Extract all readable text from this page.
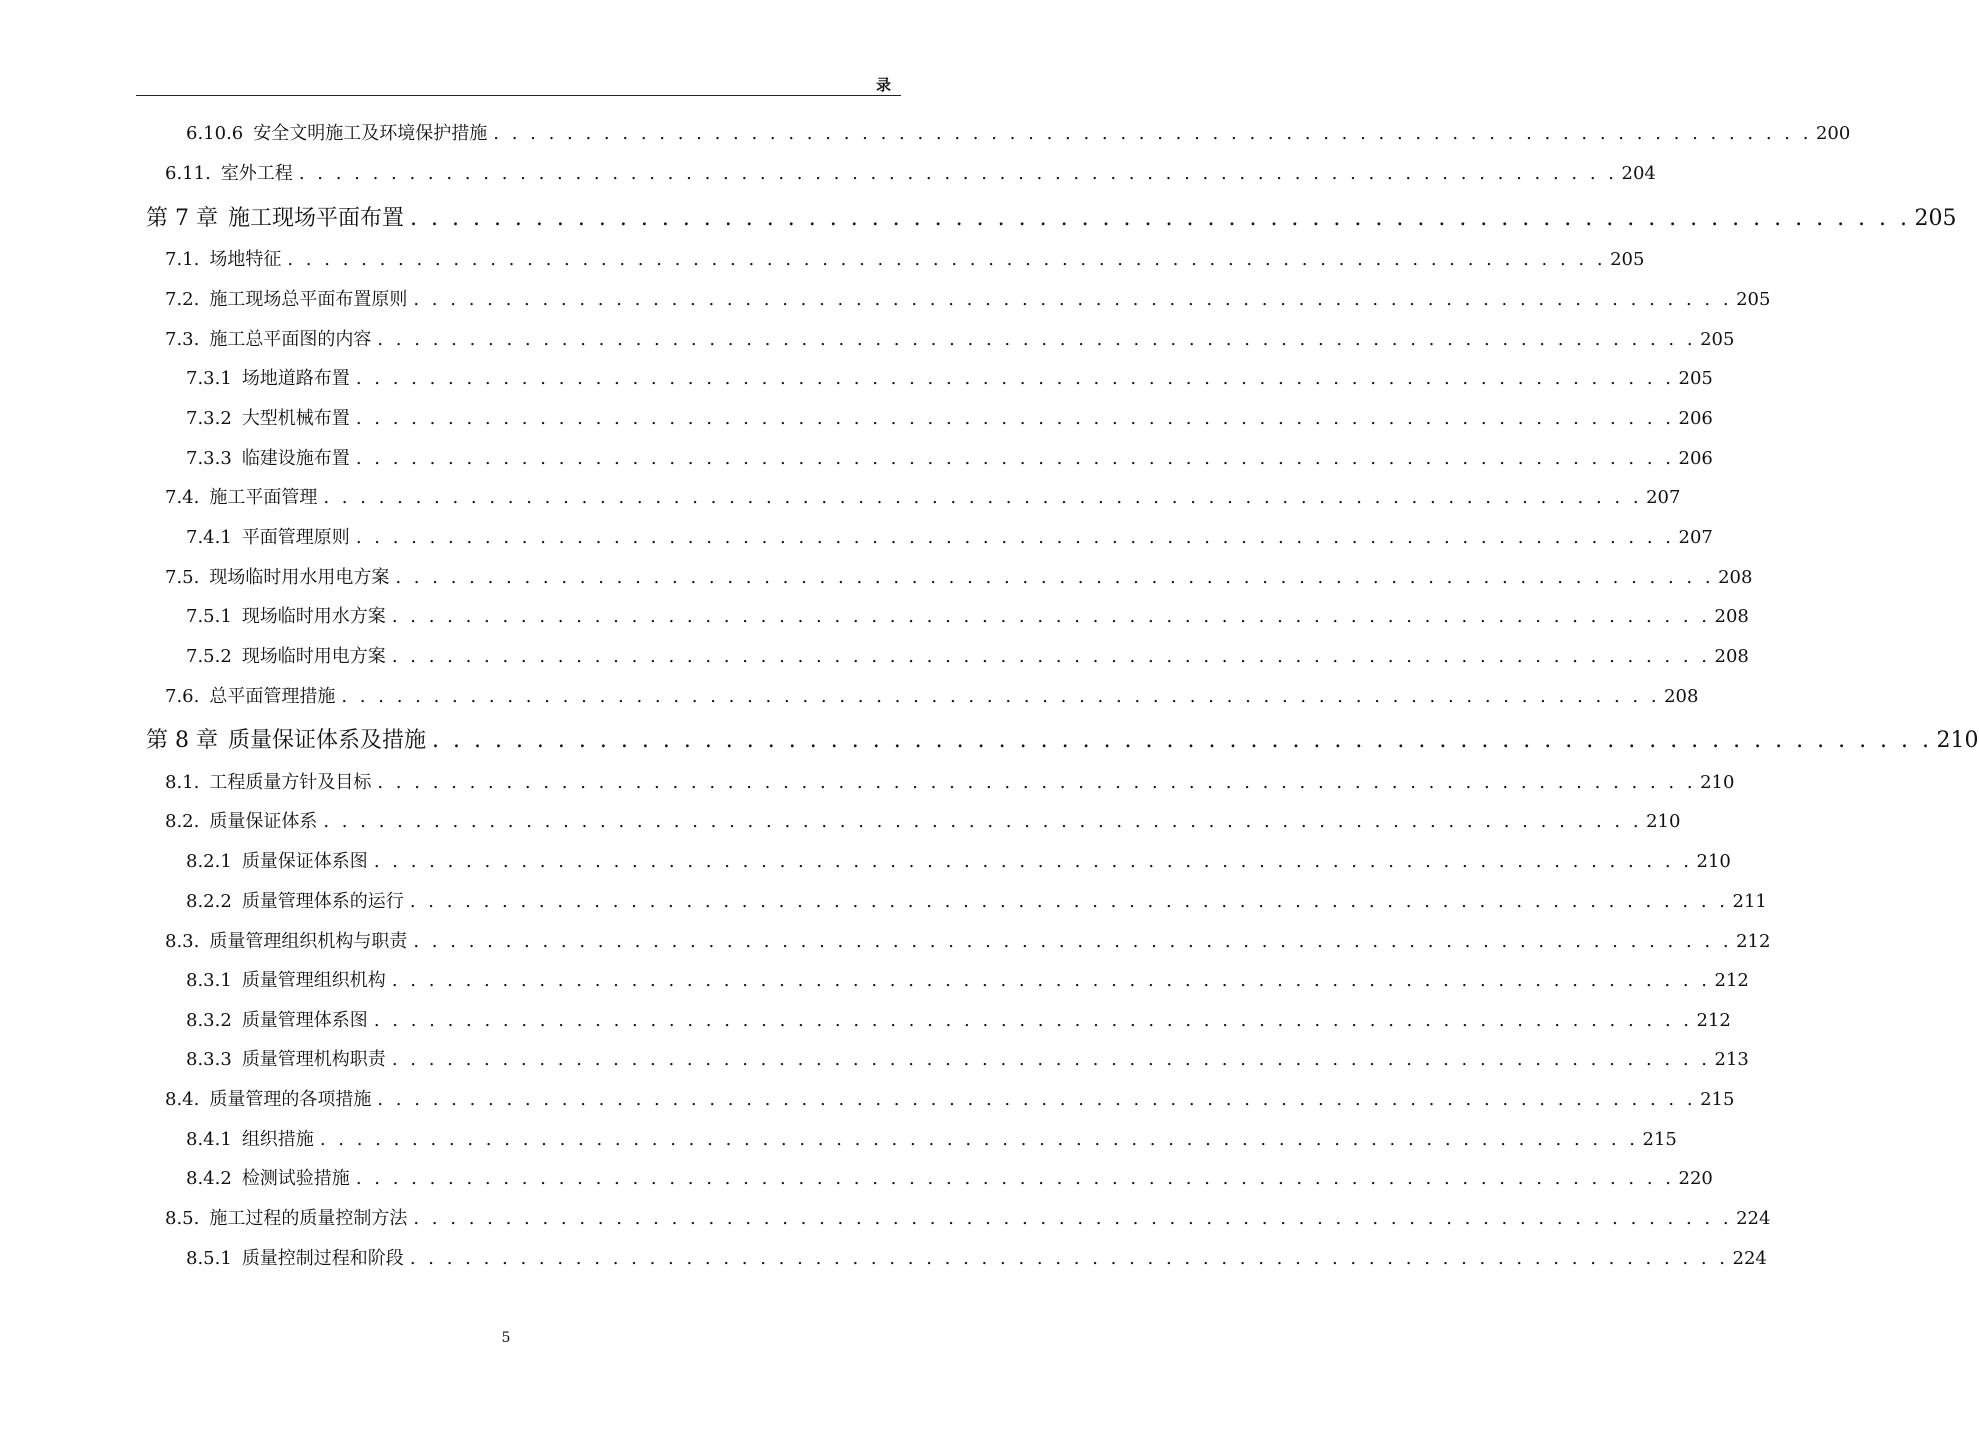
录
6.10.6 安全文明施工及环境保护措施 . . . . . . . . . . . . . . . . . . . . . . . . . . . . . . . . . . . . . . . . . . . . . . . . . . . . . . . . . . . . . . . . . . . . . . . . 200
6.11. 室外工程 . . . . . . . . . . . . . . . . . . . . . . . . . . . . . . . . . . . . . . . . . . . . . . . . . . . . . . . . . . . . . . . . . . . . . . . . 204
第 7 章 施工现场平面布置 . . . . . . . . . . . . . . . . . . . . . . . . . . . . . . . . . . . . . . . . . . . . . . . . . . . . . . . . . . . . . . . . . . . . . . . . 205
7.1. 场地特征 . . . . . . . . . . . . . . . . . . . . . . . . . . . . . . . . . . . . . . . . . . . . . . . . . . . . . . . . . . . . . . . . . . . . . . . . 205
7.2. 施工现场总平面布置原则 . . . . . . . . . . . . . . . . . . . . . . . . . . . . . . . . . . . . . . . . . . . . . . . . . . . . . . . . . . . . . . . . . . . . . . . . 205
7.3. 施工总平面图的内容 . . . . . . . . . . . . . . . . . . . . . . . . . . . . . . . . . . . . . . . . . . . . . . . . . . . . . . . . . . . . . . . . . . . . . . . . 205
7.3.1 场地道路布置 . . . . . . . . . . . . . . . . . . . . . . . . . . . . . . . . . . . . . . . . . . . . . . . . . . . . . . . . . . . . . . . . . . . . . . . . 205
7.3.2 大型机械布置 . . . . . . . . . . . . . . . . . . . . . . . . . . . . . . . . . . . . . . . . . . . . . . . . . . . . . . . . . . . . . . . . . . . . . . . . 206
7.3.3 临建设施布置 . . . . . . . . . . . . . . . . . . . . . . . . . . . . . . . . . . . . . . . . . . . . . . . . . . . . . . . . . . . . . . . . . . . . . . . . 206
7.4. 施工平面管理 . . . . . . . . . . . . . . . . . . . . . . . . . . . . . . . . . . . . . . . . . . . . . . . . . . . . . . . . . . . . . . . . . . . . . . . . 207
7.4.1 平面管理原则 . . . . . . . . . . . . . . . . . . . . . . . . . . . . . . . . . . . . . . . . . . . . . . . . . . . . . . . . . . . . . . . . . . . . . . . . 207
7.5. 现场临时用水用电方案 . . . . . . . . . . . . . . . . . . . . . . . . . . . . . . . . . . . . . . . . . . . . . . . . . . . . . . . . . . . . . . . . . . . . . . . . 208
7.5.1 现场临时用水方案 . . . . . . . . . . . . . . . . . . . . . . . . . . . . . . . . . . . . . . . . . . . . . . . . . . . . . . . . . . . . . . . . . . . . . . . . 208
7.5.2 现场临时用电方案 . . . . . . . . . . . . . . . . . . . . . . . . . . . . . . . . . . . . . . . . . . . . . . . . . . . . . . . . . . . . . . . . . . . . . . . . 208
7.6. 总平面管理措施 . . . . . . . . . . . . . . . . . . . . . . . . . . . . . . . . . . . . . . . . . . . . . . . . . . . . . . . . . . . . . . . . . . . . . . . . 208
第 8 章 质量保证体系及措施 . . . . . . . . . . . . . . . . . . . . . . . . . . . . . . . . . . . . . . . . . . . . . . . . . . . . . . . . . . . . . . . . . . . . . . . . 210
8.1. 工程质量方针及目标 . . . . . . . . . . . . . . . . . . . . . . . . . . . . . . . . . . . . . . . . . . . . . . . . . . . . . . . . . . . . . . . . . . . . . . . . 210
8.2. 质量保证体系 . . . . . . . . . . . . . . . . . . . . . . . . . . . . . . . . . . . . . . . . . . . . . . . . . . . . . . . . . . . . . . . . . . . . . . . . 210
8.2.1 质量保证体系图 . . . . . . . . . . . . . . . . . . . . . . . . . . . . . . . . . . . . . . . . . . . . . . . . . . . . . . . . . . . . . . . . . . . . . . . . 210
8.2.2 质量管理体系的运行 . . . . . . . . . . . . . . . . . . . . . . . . . . . . . . . . . . . . . . . . . . . . . . . . . . . . . . . . . . . . . . . . . . . . . . . . 211
8.3. 质量管理组织机构与职责 . . . . . . . . . . . . . . . . . . . . . . . . . . . . . . . . . . . . . . . . . . . . . . . . . . . . . . . . . . . . . . . . . . . . . . . . 212
8.3.1 质量管理组织机构 . . . . . . . . . . . . . . . . . . . . . . . . . . . . . . . . . . . . . . . . . . . . . . . . . . . . . . . . . . . . . . . . . . . . . . . . 212
8.3.2 质量管理体系图 . . . . . . . . . . . . . . . . . . . . . . . . . . . . . . . . . . . . . . . . . . . . . . . . . . . . . . . . . . . . . . . . . . . . . . . . 212
8.3.3 质量管理机构职责 . . . . . . . . . . . . . . . . . . . . . . . . . . . . . . . . . . . . . . . . . . . . . . . . . . . . . . . . . . . . . . . . . . . . . . . . 213
8.4. 质量管理的各项措施 . . . . . . . . . . . . . . . . . . . . . . . . . . . . . . . . . . . . . . . . . . . . . . . . . . . . . . . . . . . . . . . . . . . . . . . . 215
8.4.1 组织措施 . . . . . . . . . . . . . . . . . . . . . . . . . . . . . . . . . . . . . . . . . . . . . . . . . . . . . . . . . . . . . . . . . . . . . . . . 215
8.4.2 检测试验措施 . . . . . . . . . . . . . . . . . . . . . . . . . . . . . . . . . . . . . . . . . . . . . . . . . . . . . . . . . . . . . . . . . . . . . . . . 220
8.5. 施工过程的质量控制方法 . . . . . . . . . . . . . . . . . . . . . . . . . . . . . . . . . . . . . . . . . . . . . . . . . . . . . . . . . . . . . . . . . . . . . . . . 224
8.5.1 质量控制过程和阶段 . . . . . . . . . . . . . . . . . . . . . . . . . . . . . . . . . . . . . . . . . . . . . . . . . . . . . . . . . . . . . . . . . . . . . . . . 224
5
